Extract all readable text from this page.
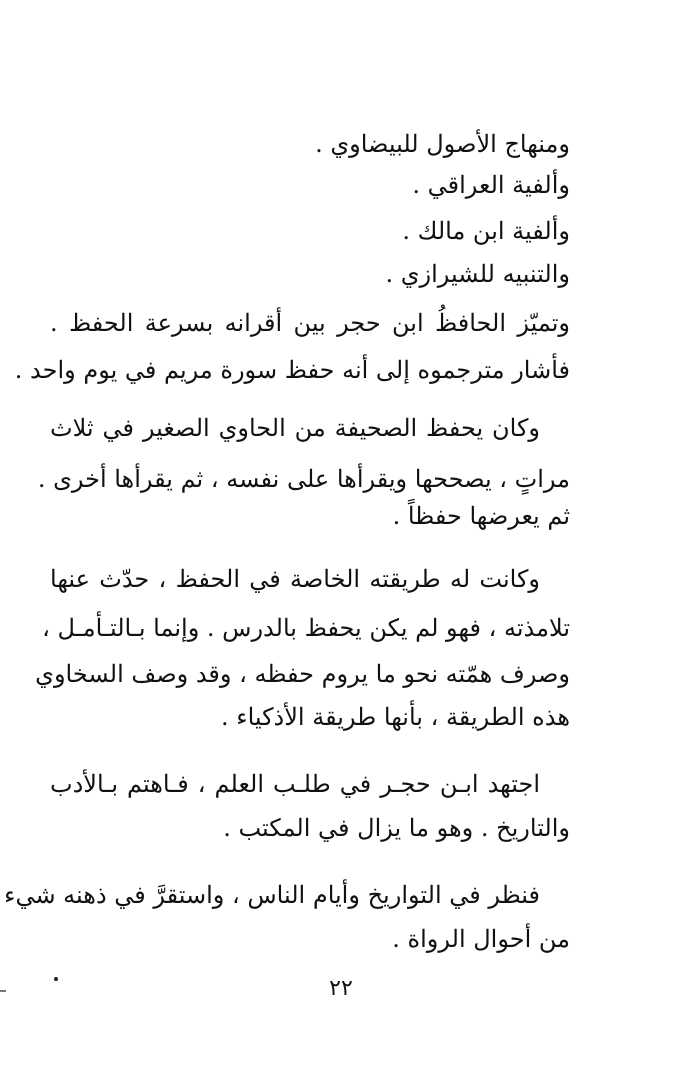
ومنهاج الأصول للبيضاوي .
وألفية العراقي .
وألفية ابن مالك .
والتنبيه للشيرازي .
وتميّز الحافظُ ابن حجر بين أقرانه بسرعة الحفظ .
فأشار مترجموه إلى أنه حفظ سورة مريم في يوم واحد .
وكان يحفظ الصحيفة من الحاوي الصغير في ثلاث
مراتٍ ، يصححها ويقرأها على نفسه ، ثم يقرأها أخرى .
ثم يعرضها حفظاً .
وكانت له طريقته الخاصة في الحفظ ، حدّث عنها
تلامذته ، فهو لم يكن يحفظ بالدرس . وإنما بـالتـأمـل ،
وصرف همّته نحو ما يروم حفظه ، وقد وصف السخاوي
هذه الطريقة ، بأنها طريقة الأذكياء .
اجتهد ابـن حجـر في طلـب العلم ، فـاهتم بـالأدب
والتاريخ . وهو ما يزال في المكتب .
فنظر في التواريخ وأيام الناس ، واستقرَّ في ذهنه شيء
من أحوال الرواة .
٢٢
